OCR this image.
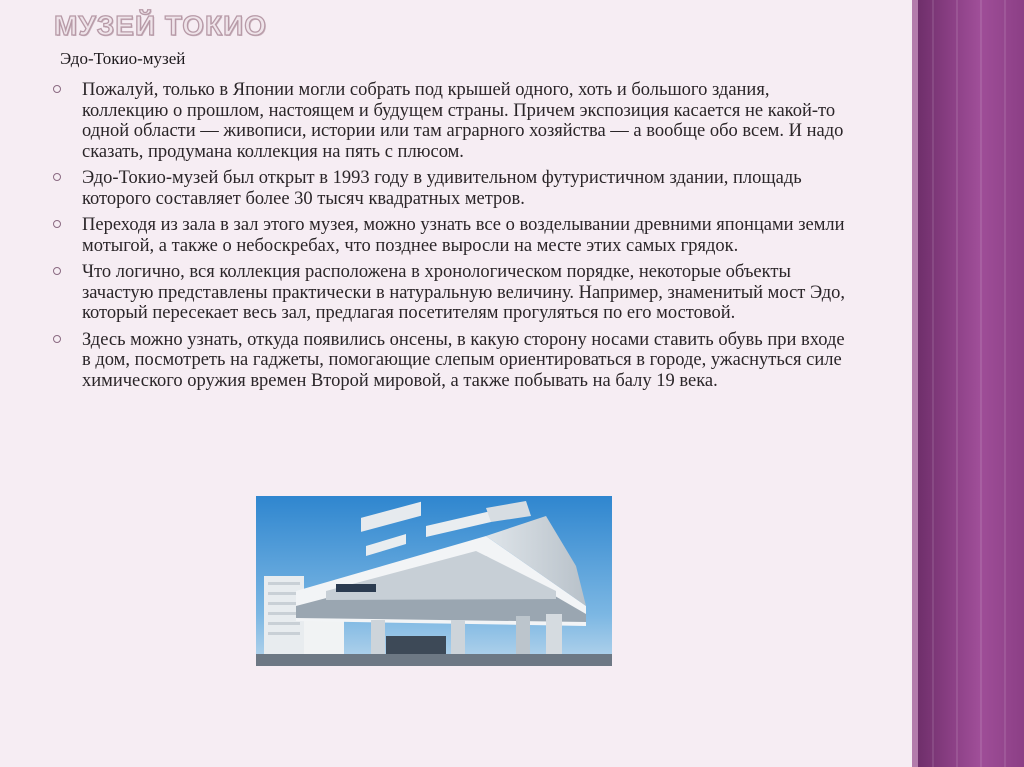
МУЗЕЙ ТОКИО
Эдо-Токио-музей
Пожалуй, только в Японии могли собрать под крышей одного, хоть и большого здания, коллекцию о прошлом, настоящем и будущем страны. Причем экспозиция касается не какой-то одной области — живописи, истории или там аграрного хозяйства — а вообще обо всем. И надо сказать, продумана коллекция на пять с плюсом.
Эдо-Токио-музей был открыт в 1993 году в удивительном футуристичном здании, площадь которого составляет более 30 тысяч квадратных метров.
Переходя из зала в зал этого музея, можно узнать все о возделывании древними японцами земли мотыгой, а также о небоскребах, что позднее выросли на месте этих самых грядок.
Что логично, вся коллекция расположена в хронологическом порядке, некоторые объекты зачастую представлены практически в натуральную величину. Например, знаменитый мост Эдо, который пересекает весь зал, предлагая посетителям прогуляться по его мостовой.
Здесь можно узнать, откуда появились онсены, в какую сторону носами ставить обувь при входе в дом, посмотреть на гаджеты, помогающие слепым ориентироваться в городе, ужаснуться силе химического оружия времен Второй мировой, а также побывать на балу 19 века.
